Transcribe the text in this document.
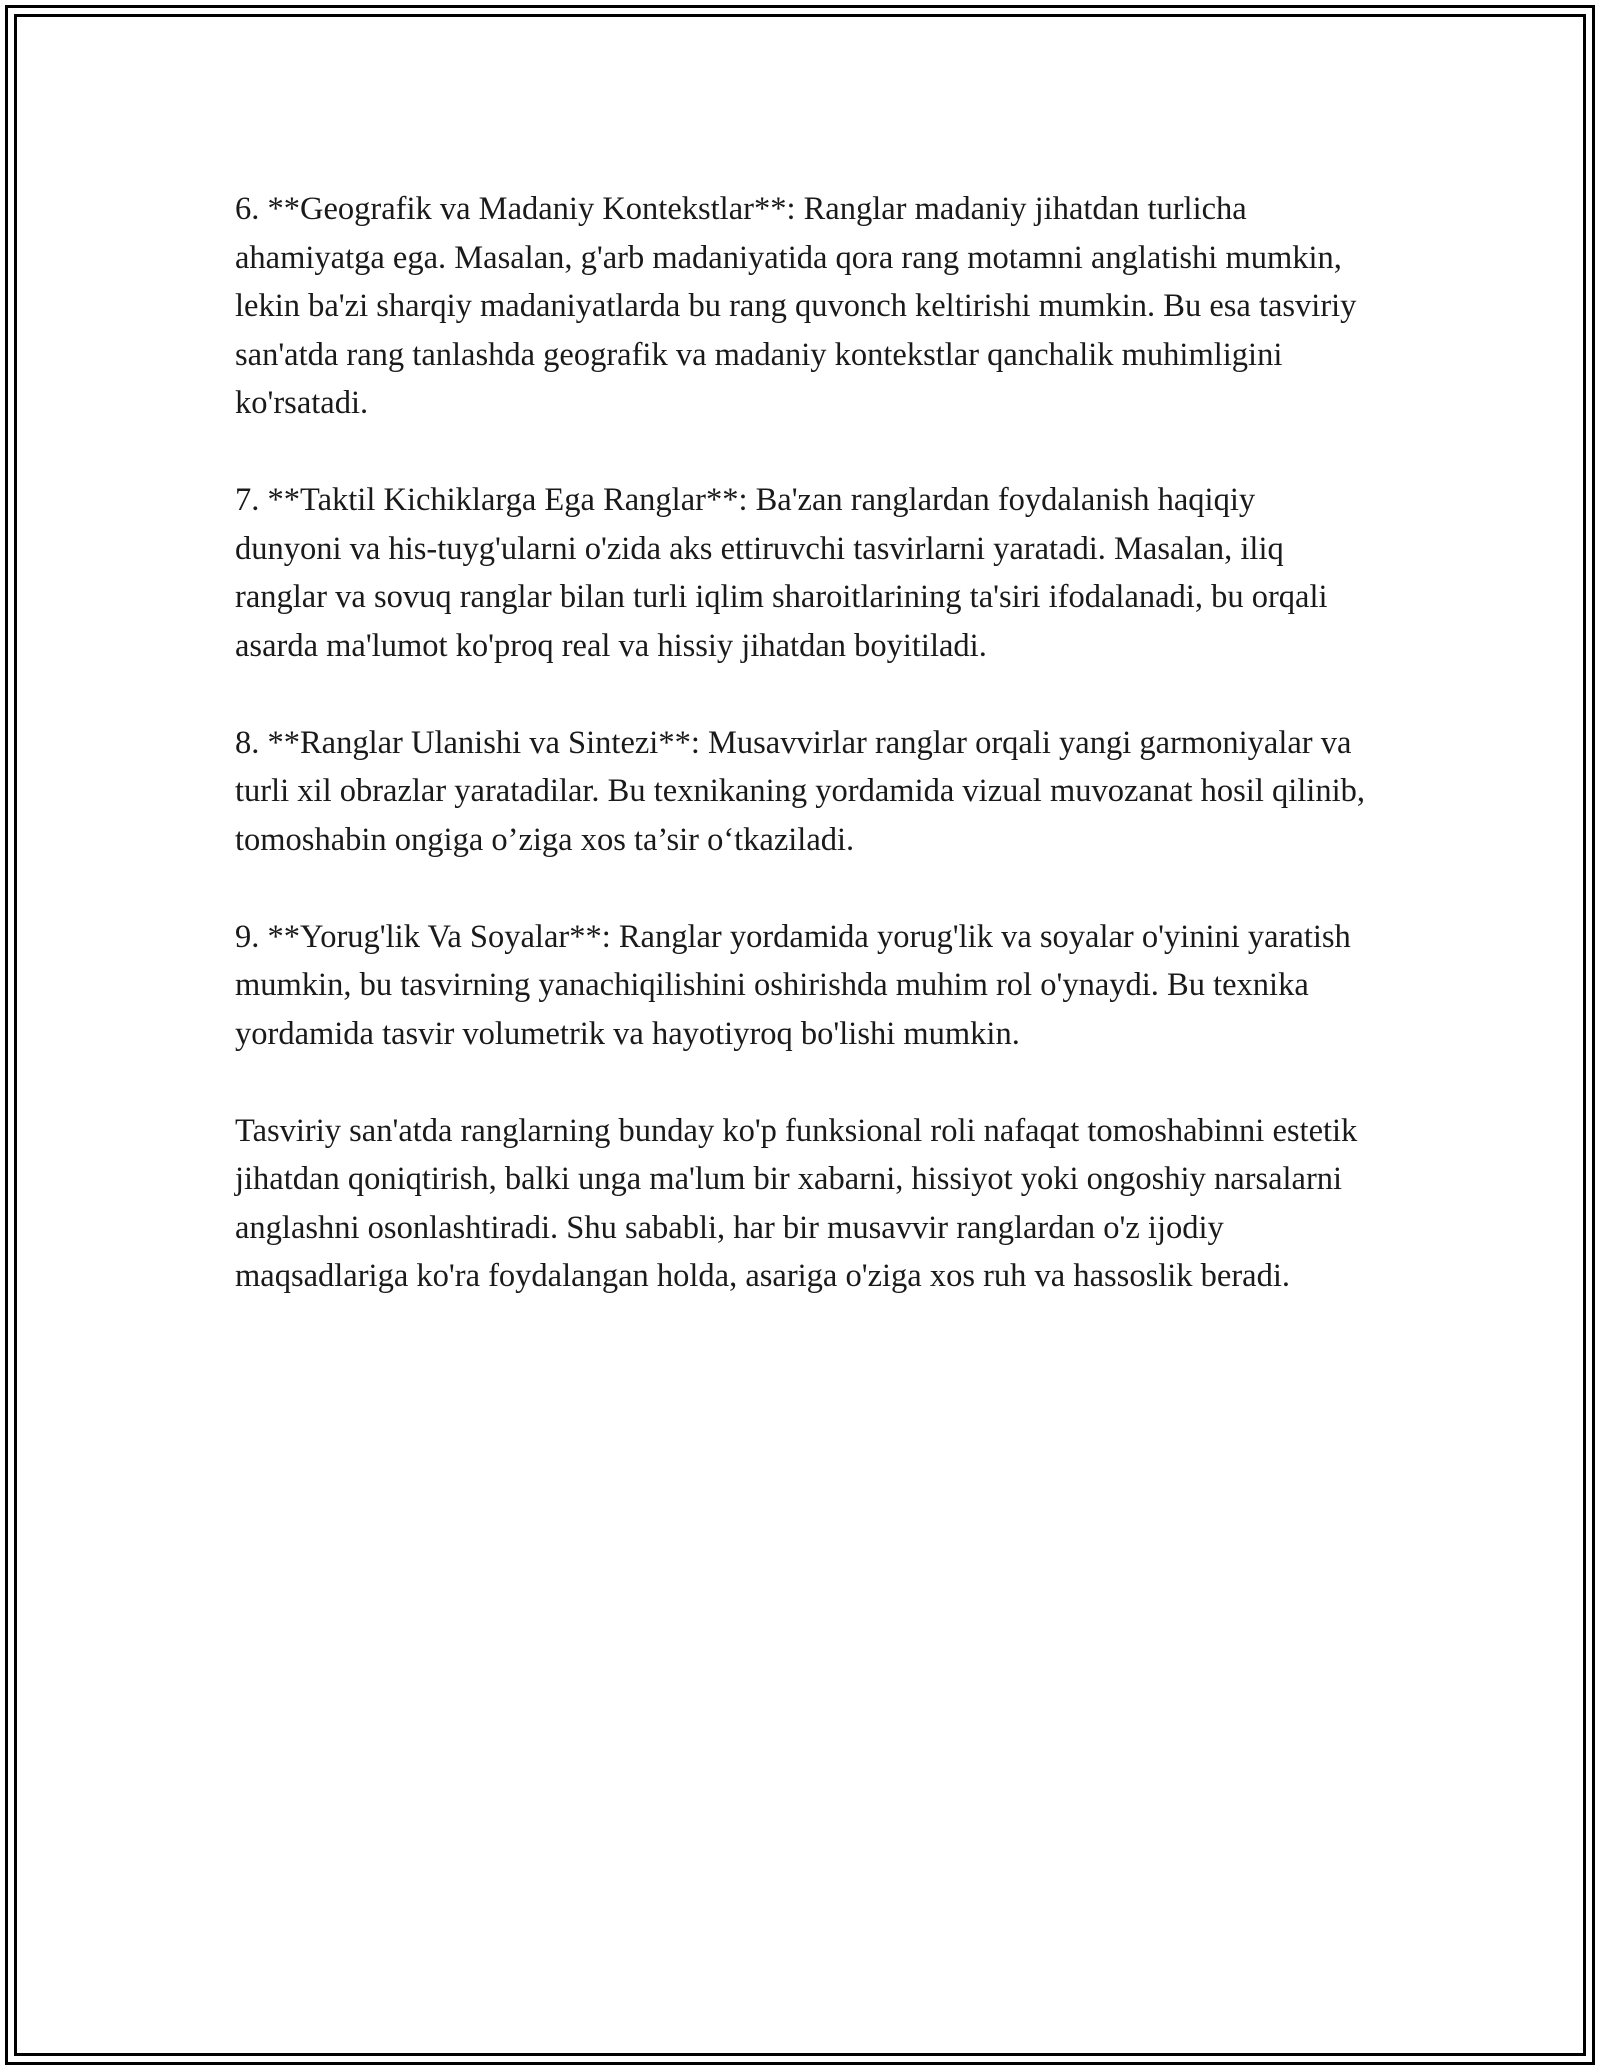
6. **Geografik va Madaniy Kontekstlar**: Ranglar madaniy jihatdan turlicha ahamiyatga ega. Masalan, g'arb madaniyatida qora rang motamni anglatishi mumkin, lekin ba'zi sharqiy madaniyatlarda bu rang quvonch keltirishi mumkin. Bu esa tasviriy san'atda rang tanlashda geografik va madaniy kontekstlar qanchalik muhimligini ko'rsatadi.

7. **Taktil Kichiklarga Ega Ranglar**: Ba'zan ranglardan foydalanish haqiqiy dunyoni va his-tuyg'ularni o'zida aks ettiruvchi tasvirlarni yaratadi. Masalan, iliq ranglar va sovuq ranglar bilan turli iqlim sharoitlarining ta'siri ifodalanadi, bu orqali asarda ma'lumot ko'proq real va hissiy jihatdan boyitiladi.

8. **Ranglar Ulanishi va Sintezi**: Musavvirlar ranglar orqali yangi garmoniyalar va turli xil obrazlar yaratadilar. Bu texnikaning yordamida vizual muvozanat hosil qilinib, tomoshabin ongiga o’ziga xos ta’sir o‘tkaziladi.

9. **Yorug'lik Va Soyalar**: Ranglar yordamida yorug'lik va soyalar o'yinini yaratish mumkin, bu tasvirning yanachiqilishini oshirishda muhim rol o'ynaydi. Bu texnika yordamida tasvir volumetrik va hayotiyroq bo'lishi mumkin.

Tasviriy san'atda ranglarning bunday ko'p funksional roli nafaqat tomoshabinni estetik jihatdan qoniqtirish, balki unga ma'lum bir xabarni, hissiyot yoki ongoshiy narsalarni anglashni osonlashtiradi. Shu sababli, har bir musavvir ranglardan o'z ijodiy maqsadlariga ko'ra foydalangan holda, asariga o'ziga xos ruh va hassoslik beradi.
